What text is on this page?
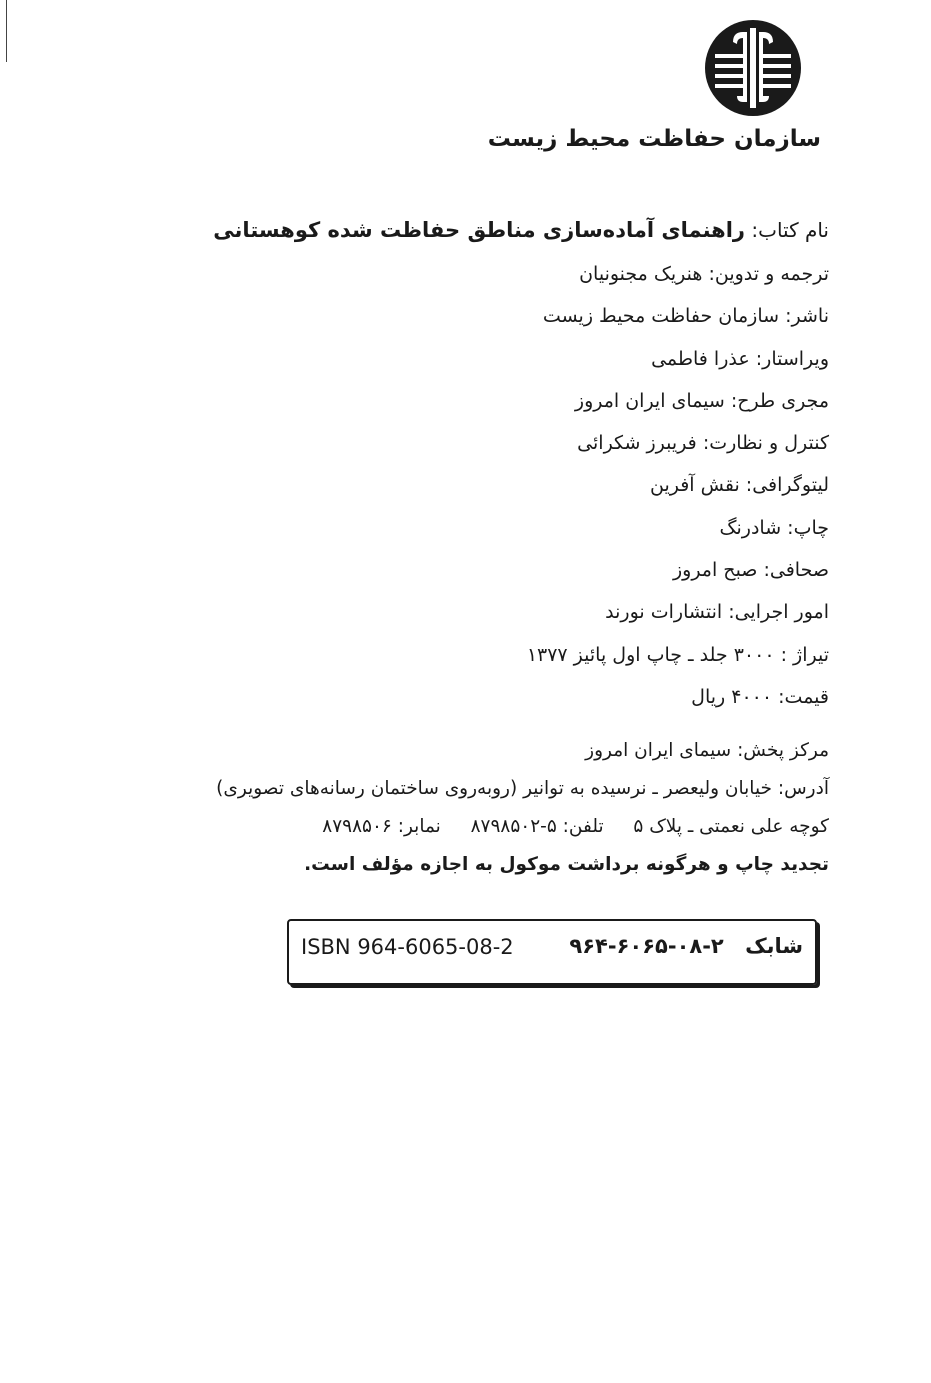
سازمان حفاظت محیط زیست
نام کتاب: راهنمای آماده‌سازی مناطق حفاظت شده کوهستانی
ترجمه و تدوین: هنریک مجنونیان
ناشر: سازمان حفاظت محیط زیست
ویراستار: عذرا فاطمی
مجری طرح: سیمای ایران امروز
کنترل و نظارت: فریبرز شکرائی
لیتوگرافی: نقش آفرین
چاپ: شادرنگ
صحافی: صبح امروز
امور اجرایی: انتشارات نورند
تیراژ : ۳۰۰۰ جلد ـ چاپ اول پائیز ۱۳۷۷
قیمت: ۴۰۰۰ ریال
مرکز پخش: سیمای ایران امروز
آدرس: خیابان ولیعصر ـ نرسیده به توانیر (روبه‌روی ساختمان رسانه‌های تصویری)
کوچه علی نعمتی ـ پلاک ۵  تلفن: ۵-۸۷۹۸۵۰۲  نمابر: ۸۷۹۸۵۰۶
تجدید چاپ و هرگونه برداشت موکول به اجازه مؤلف است.
ISBN 964-6065-08-2	شابک ۹۶۴-۶۰۶۵-۰۸-۲
